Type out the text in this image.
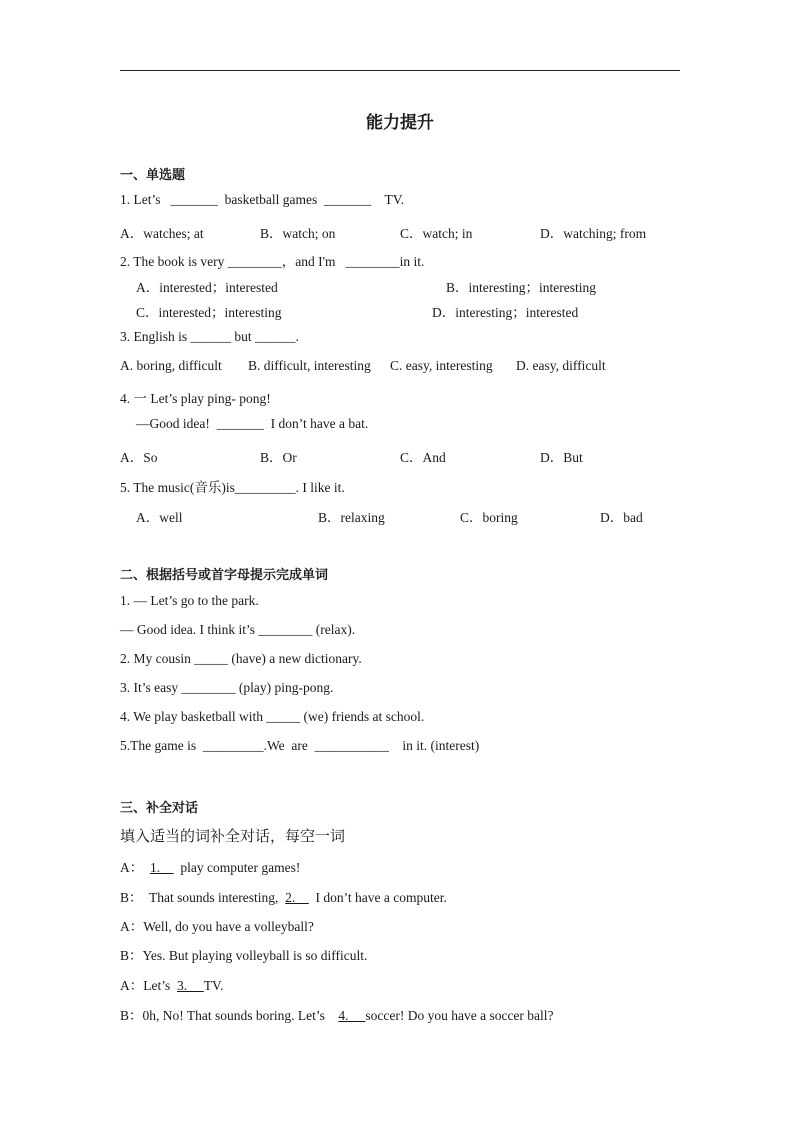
能力提升
一、单选题
1. Let’s   _______  basketball games  _______    TV.
A．watches; at	B．watch; on	C．watch; in	D．watching; from
2. The book is very ________，and I'm   ________in it.
A．interested；interested	B．interesting；interesting
C．interested；interesting	D．interesting；interested
3. English is ______ but ______.
A. boring, difficult B. difficult, interesting C. easy, interesting D. easy, difficult
4. 一 Let’s play ping- pong!
—Good idea!  _______  I don’t have a bat.
A．So	B．Or	C．And	D．But
5. The music(音乐)is_________. I like it.
A．well	B．relaxing	C．boring	D．bad
二、根据括号或首字母提示完成单词
1. — Let’s go to the park.
— Good idea. I think it’s ________ (relax).
2. My cousin _____ (have) a new dictionary.
3. It’s easy ________ (play) ping-pong.
4. We play basketball with _____ (we) friends at school.
5.The game is  _________.We  are  ___________    in it. (interest)
三、补全对话
填入适当的词补全对话，每空一词
A：  1.      play computer games!
B：  That sounds interesting,  2.      I don’t have a computer.
A：Well, do you have a volleyball?
B：Yes. But playing volleyball is so difficult.
A：Let’s  3.     TV.
B：0h, No! That sounds boring. Let’s    4.     soccer! Do you have a soccer ball?
